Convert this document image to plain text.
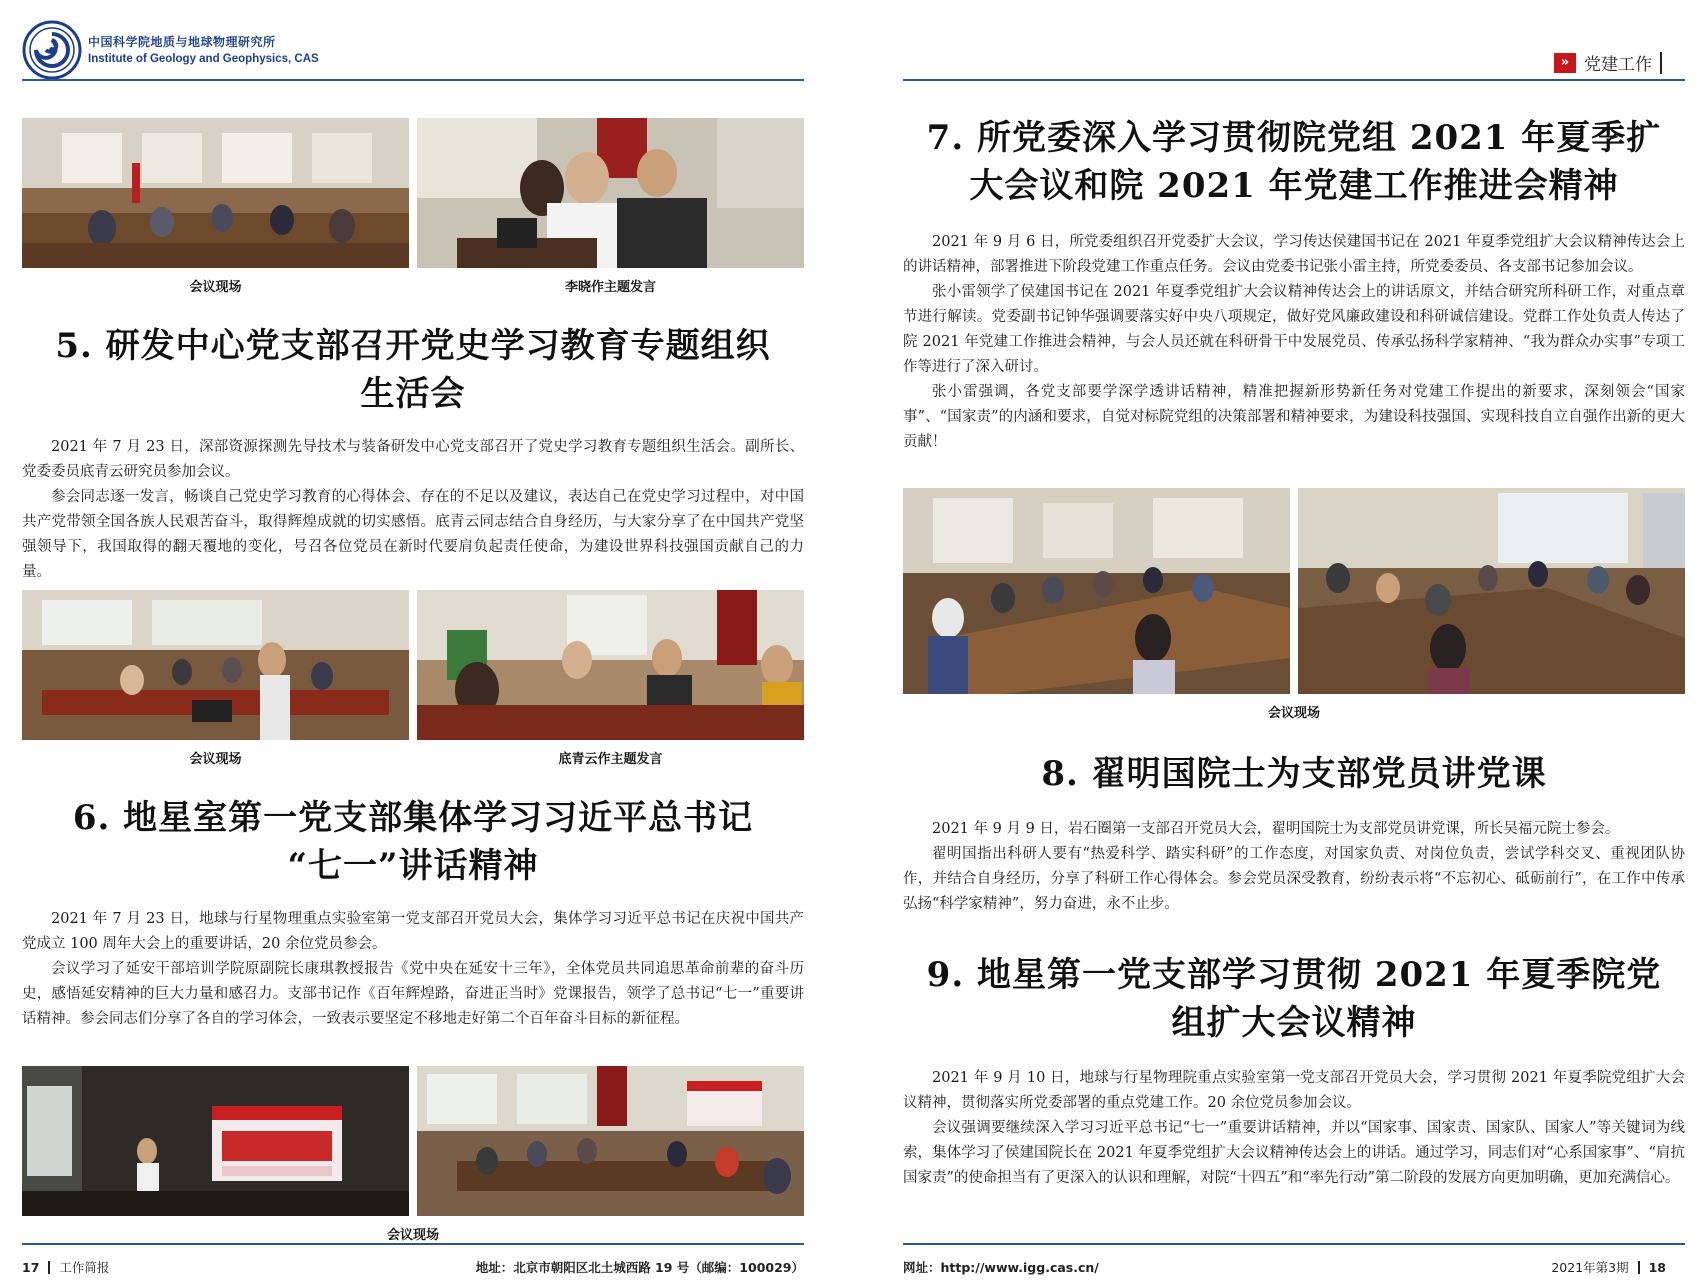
中国科学院地质与地球物理研究所
Institute of Geology and Geophysics, CAS
会议现场	李晓作主题发言
5. 研发中心党支部召开党史学习教育专题组织
生活会

2021 年 7 月 23 日，深部资源探测先导技术与装备研发中心党支部召开了党史学习教育专题组织生活会。副所长、党委委员底青云研究员参加会议。

参会同志逐一发言，畅谈自己党史学习教育的心得体会、存在的不足以及建议，表达自己在党史学习过程中，对中国共产党带领全国各族人民艰苦奋斗，取得辉煌成就的切实感悟。底青云同志结合自身经历，与大家分享了在中国共产党坚强领导下，我国取得的翻天覆地的变化，号召各位党员在新时代要肩负起责任使命，为建设世界科技强国贡献自己的力量。

会议现场	底青云作主题发言
6. 地星室第一党支部集体学习习近平总书记
“七一”讲话精神

2021 年 7 月 23 日，地球与行星物理重点实验室第一党支部召开党员大会，集体学习习近平总书记在庆祝中国共产党成立 100 周年大会上的重要讲话，20 余位党员参会。

会议学习了延安干部培训学院原副院长康琪教授报告《党中央在延安十三年》，全体党员共同追思革命前辈的奋斗历史，感悟延安精神的巨大力量和感召力。支部书记作《百年辉煌路，奋进正当时》党课报告，领学了总书记“七一”重要讲话精神。参会同志们分享了各自的学习体会，一致表示要坚定不移地走好第二个百年奋斗目标的新征程。

会议现场
17 工作简报	地址：北京市朝阳区北土城西路 19 号（邮编：100029）
» 党建工作
7. 所党委深入学习贯彻院党组 2021 年夏季扩
大会议和院 2021 年党建工作推进会精神

2021 年 9 月 6 日，所党委组织召开党委扩大会议，学习传达侯建国书记在 2021 年夏季党组扩大会议精神传达会上的讲话精神，部署推进下阶段党建工作重点任务。会议由党委书记张小雷主持，所党委委员、各支部书记参加会议。

张小雷领学了侯建国书记在 2021 年夏季党组扩大会议精神传达会上的讲话原文，并结合研究所科研工作，对重点章节进行解读。党委副书记钟华强调要落实好中央八项规定，做好党风廉政建设和科研诚信建设。党群工作处负责人传达了院 2021 年党建工作推进会精神，与会人员还就在科研骨干中发展党员、传承弘扬科学家精神、“我为群众办实事”专项工作等进行了深入研讨。

张小雷强调，各党支部要学深学透讲话精神，精准把握新形势新任务对党建工作提出的新要求，深刻领会“国家事”、“国家责”的内涵和要求，自觉对标院党组的决策部署和精神要求，为建设科技强国、实现科技自立自强作出新的更大贡献！

会议现场
8. 翟明国院士为支部党员讲党课

2021 年 9 月 9 日，岩石圈第一支部召开党员大会，翟明国院士为支部党员讲党课，所长吴福元院士参会。

翟明国指出科研人要有“热爱科学、踏实科研”的工作态度，对国家负责、对岗位负责，尝试学科交叉、重视团队协作，并结合自身经历，分享了科研工作心得体会。参会党员深受教育，纷纷表示将“不忘初心、砥砺前行”，在工作中传承弘扬“科学家精神”，努力奋进，永不止步。

9. 地星第一党支部学习贯彻 2021 年夏季院党
组扩大会议精神

2021 年 9 月 10 日，地球与行星物理院重点实验室第一党支部召开党员大会，学习贯彻 2021 年夏季院党组扩大会议精神，贯彻落实所党委部署的重点党建工作。20 余位党员参加会议。

会议强调要继续深入学习习近平总书记“七一”重要讲话精神，并以“国家事、国家责、国家队、国家人”等关键词为线索，集体学习了侯建国院长在 2021 年夏季党组扩大会议精神传达会上的讲话。通过学习，同志们对“心系国家事”、“肩抗国家责”的使命担当有了更深入的认识和理解，对院“十四五”和“率先行动”第二阶段的发展方向更加明确，更加充满信心。

网址：http://www.igg.cas.cn/	2021年第3期 18
